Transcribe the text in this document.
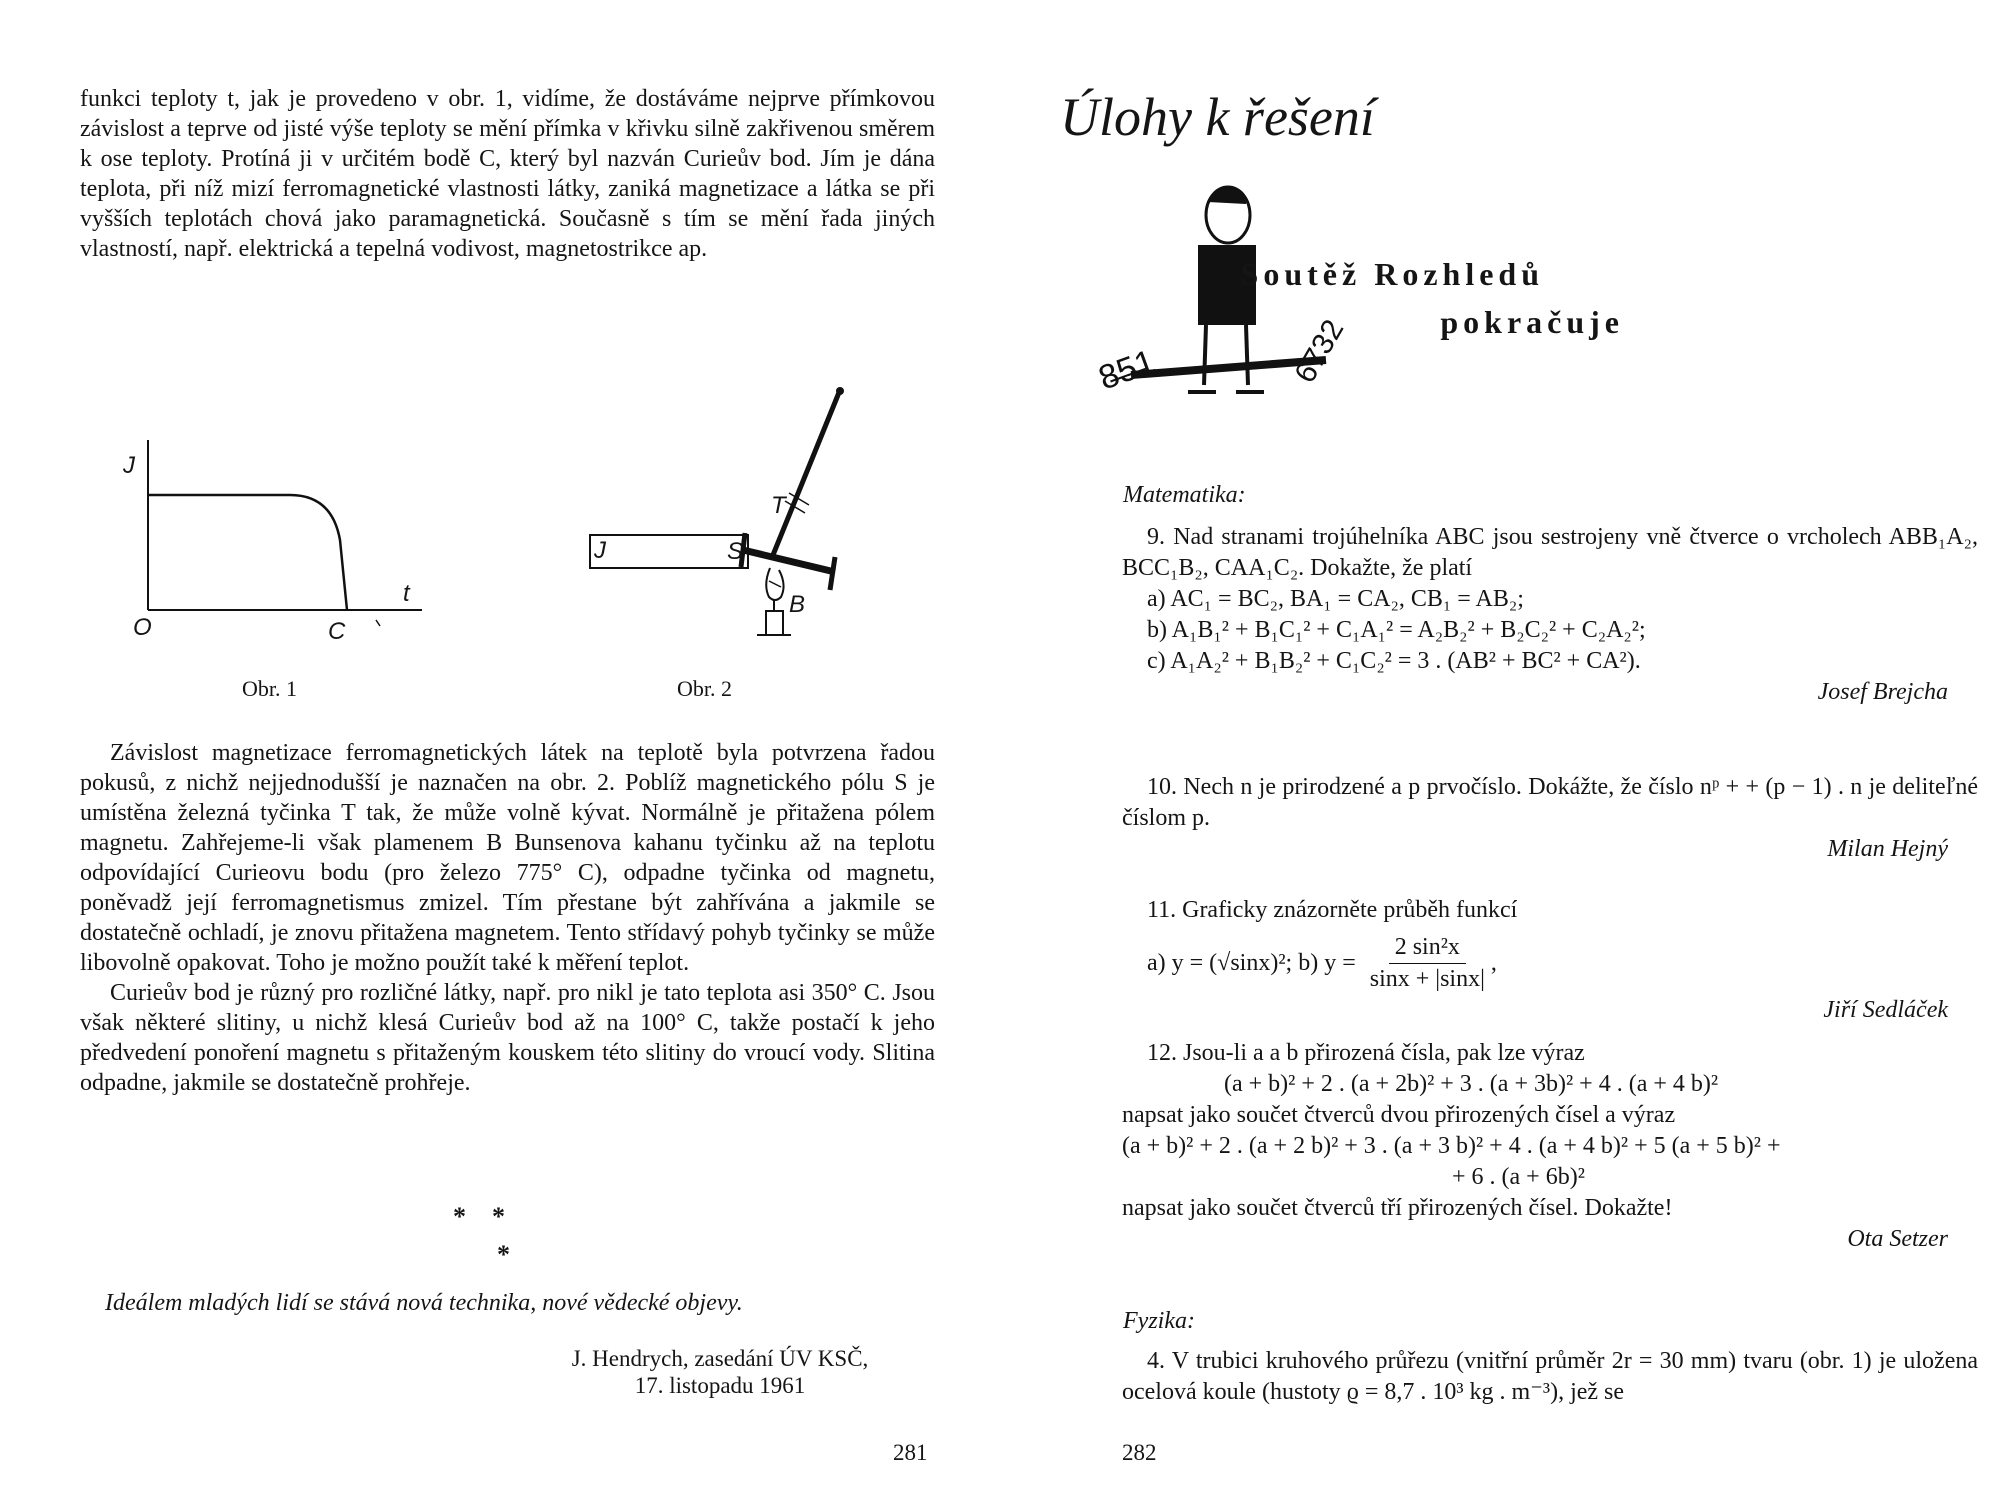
funkci teploty t, jak je provedeno v obr. 1, vidíme, že dostáváme nejprve přímkovou závislost a teprve od jisté výše teploty se mění přímka v křivku silně zakřivenou směrem k ose teploty. Protíná ji v určitém bodě C, který byl nazván Curieův bod. Jím je dána teplota, při níž mizí ferromagnetické vlastnosti látky, zaniká magnetizace a látka se při vyšších teplotách chová jako paramagnetická. Současně s tím se mění řada jiných vlastností, např. elektrická a tepelná vodivost, magnetostrikce ap.

J
t
O	C
Obr. 1
J	S
T
B
Obr. 2

Závislost magnetizace ferromagnetických látek na teplotě byla potvrzena řadou pokusů, z nichž nejjednodušší je naznačen na obr. 2. Poblíž magnetického pólu S je umístěna železná tyčinka T tak, že může volně kývat. Normálně je přitažena pólem magnetu. Zahřejeme-li však plamenem B Bunsenova kahanu tyčinku až na teplotu odpovídající Curieovu bodu (pro železo 775° C), odpadne tyčinka od magnetu, poněvadž její ferromagnetismus zmizel. Tím přestane být zahřívána a jakmile se dostatečně ochladí, je znovu přitažena magnetem. Tento střídavý pohyb tyčinky se může libovolně opakovat. Toho je možno použít také k měření teplot.

Curieův bod je různý pro rozličné látky, např. pro nikl je tato teplota asi 350° C. Jsou však některé slitiny, u nichž klesá Curieův bod až na 100° C, takže postačí k jeho předvedení ponoření magnetu s přitaženým kouskem této slitiny do vroucí vody. Slitina odpadne, jakmile se dostatečně prohřeje.

*    *
*
Ideálem mladých lidí se stává nová technika, nové vědecké objevy.
J. Hendrych, zasedání ÚV KSČ,
17. listopadu 1961
281
Úlohy k řešení
8̶5̶1	6732
Soutěž Rozhledů
pokračuje
Matematika:
9. Nad stranami trojúhelníka ABC jsou sestrojeny vně čtverce o vrcholech ABB₁A₂, BCC₁B₂, CAA₁C₂. Dokažte, že platí
a) AC₁ = BC₂, BA₁ = CA₂, CB₁ = AB₂;
b) A₁B₁² + B₁C₁² + C₁A₁² = A₂B₂² + B₂C₂² + C₂A₂²;
c) A₁A₂² + B₁B₂² + C₁C₂² = 3 . (AB² + BC² + CA²).
Josef Brejcha
10. Nech n je prirodzené a p prvočíslo. Dokážte, že číslo nᵖ + + (p − 1) . n je deliteľné číslom p.
Milan Hejný
11. Graficky znázorněte průběh funkcí
a) y = (√sinx)²; b) $y = \frac{\text{2 sin²x}}{\sin x + |\sin x|}$ ,
Jiří Sedláček
12. Jsou-li a a b přirozená čísla, pak lze výraz
(a + b)² + 2 . (a + 2b)² + 3 . (a + 3b)² + 4 . (a + 4 b)²
napsat jako součet čtverců dvou přirozených čísel a výraz
(a + b)² + 2 . (a + 2 b)² + 3 . (a + 3 b)² + 4 . (a + 4 b)² + 5 (a + 5 b)² +
+ 6 . (a + 6b)²
napsat jako součet čtverců tří přirozených čísel. Dokažte!
Ota Setzer
Fyzika:
4. V trubici kruhového průřezu (vnitřní průměr 2r = 30 mm) tvaru (obr. 1) je uložena ocelová koule (hustoty ϱ = 8,7 . 10³ kg . m⁻³), jež se
282
